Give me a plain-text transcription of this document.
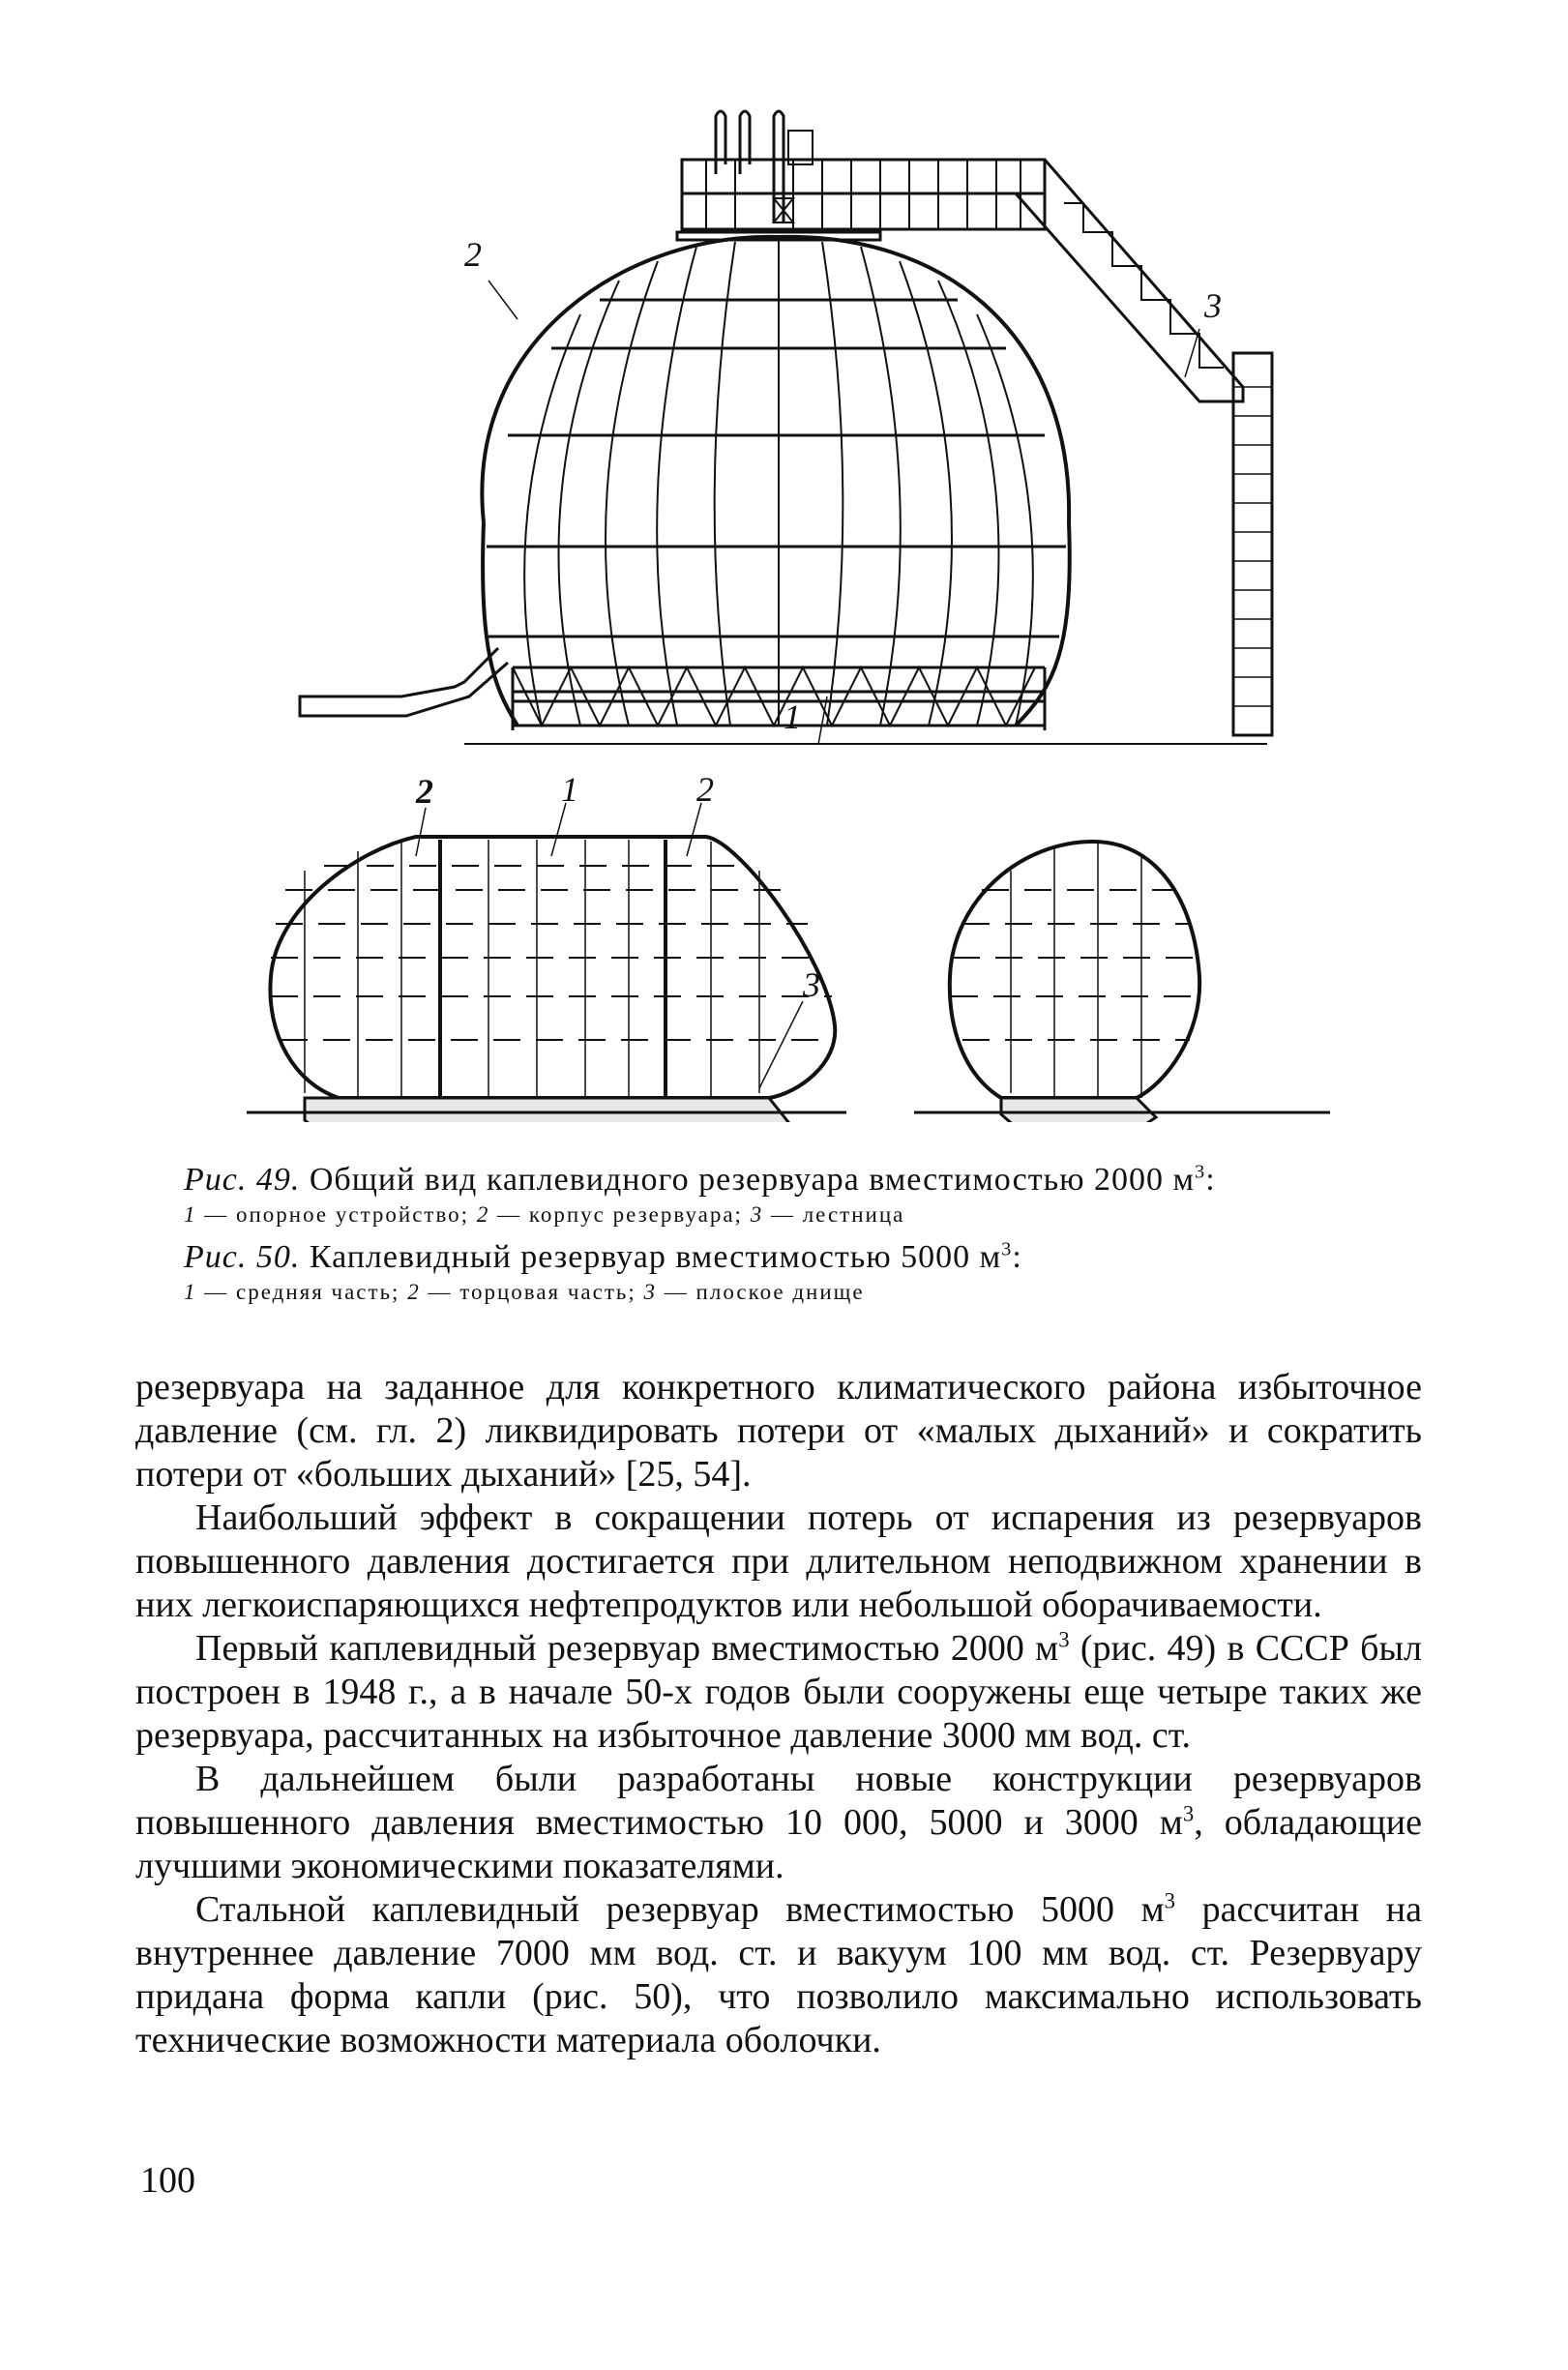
2
3
1
2	1	2
3
Рис. 49. Общий вид каплевидного резервуара вместимостью 2000 $м^3$:
1 — опорное устройство; 2 — корпус резервуара; 3 — лестница
Рис. 50. Каплевидный резервуар вместимостью 5000 $м^3$:
1 — средняя часть; 2 — торцовая часть; 3 — плоское днище

резервуара на заданное для конкретного климатического района избыточное давление (см. гл. 2) ликвидировать потери от «малых дыханий» и сократить потери от «больших дыханий» [25, 54].

Наибольший эффект в сокращении потерь от испарения из резервуаров повышенного давления достигается при длительном неподвижном хранении в них легкоиспаряющихся нефтепродуктов или небольшой оборачиваемости.

Первый каплевидный резервуар вместимостью 2000 $м^3$ (рис. 49) в СССР был построен в 1948 г., а в начале 50-х годов были сооружены еще четыре таких же резервуара, рассчитанных на избыточное давление 3000 мм вод. ст.

В дальнейшем были разработаны новые конструкции резервуаров повышенного давления вместимостью 10 000, 5000 и 3000 $м^3$, обладающие лучшими экономическими показателями.

Стальной каплевидный резервуар вместимостью 5000 $м^3$ рассчитан на внутреннее давление 7000 мм вод. ст. и вакуум 100 мм вод. ст. Резервуару придана форма капли (рис. 50), что позволило максимально использовать технические возможности материала оболочки.

100
